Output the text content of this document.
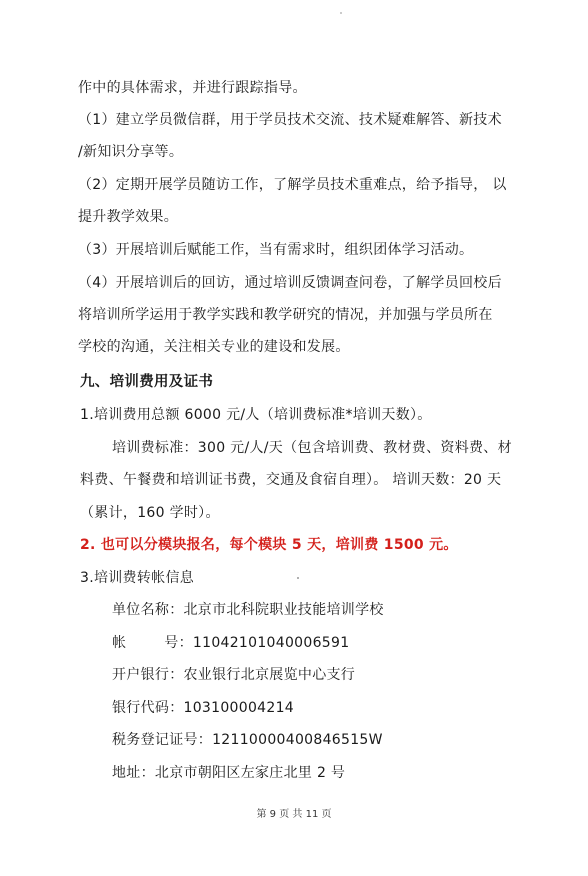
作中的具体需求，并进行跟踪指导。
（1）建立学员微信群，用于学员技术交流、技术疑难解答、新技术
/新知识分享等。
（2）定期开展学员随访工作，了解学员技术重难点，给予指导， 以
提升教学效果。
（3）开展培训后赋能工作，当有需求时，组织团体学习活动。
（4）开展培训后的回访，通过培训反馈调查问卷，了解学员回校后
将培训所学运用于教学实践和教学研究的情况，并加强与学员所在
学校的沟通，关注相关专业的建设和发展。
九、培训费用及证书
1.培训费用总额 6000 元/人（培训费标准*培训天数）。
培训费标准：300 元/人/天（包含培训费、教材费、资料费、材
料费、午餐费和培训证书费，交通及食宿自理）。 培训天数：20 天
（累计，160 学时）。
2. 也可以分模块报名，每个模块 5 天，培训费 1500 元。
3.培训费转帐信息
单位名称：北京市北科院职业技能培训学校
帐        号：11042101040006591
开户银行：农业银行北京展览中心支行
银行代码：103100004214
税务登记证号：12110000400846515W
地址：北京市朝阳区左家庄北里 2 号
第 9 页 共 11 页
